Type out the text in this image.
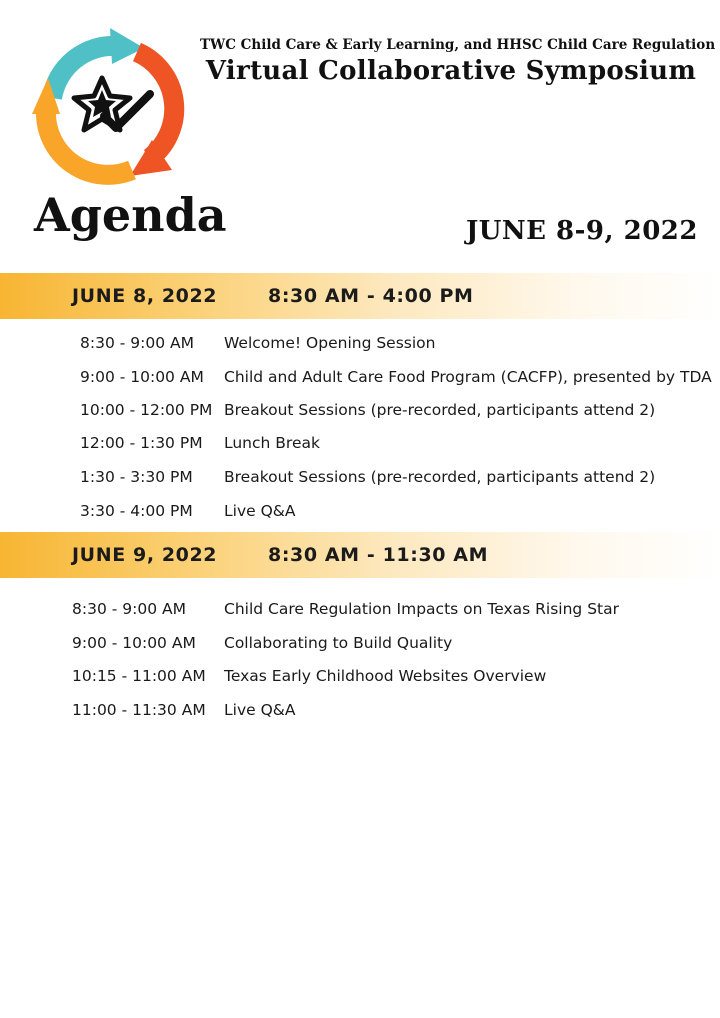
TWC Child Care & Early Learning, and HHSC Child Care Regulation
Virtual Collaborative Symposium
Agenda	JUNE 8-9, 2022
JUNE 8, 2022	8:30 AM - 4:00 PM
8:30 - 9:00 AM Welcome! Opening Session
9:00 - 10:00 AM Child and Adult Care Food Program (CACFP), presented by TDA
10:00 - 12:00 PM Breakout Sessions (pre-recorded, participants attend 2)
12:00 - 1:30 PM Lunch Break
1:30 - 3:30 PM Breakout Sessions (pre-recorded, participants attend 2)
3:30 - 4:00 PM Live Q&A
JUNE 9, 2022	8:30 AM - 11:30 AM
8:30 - 9:00 AM Child Care Regulation Impacts on Texas Rising Star
9:00 - 10:00 AM Collaborating to Build Quality
10:15 - 11:00 AM Texas Early Childhood Websites Overview
11:00 - 11:30 AM Live Q&A
